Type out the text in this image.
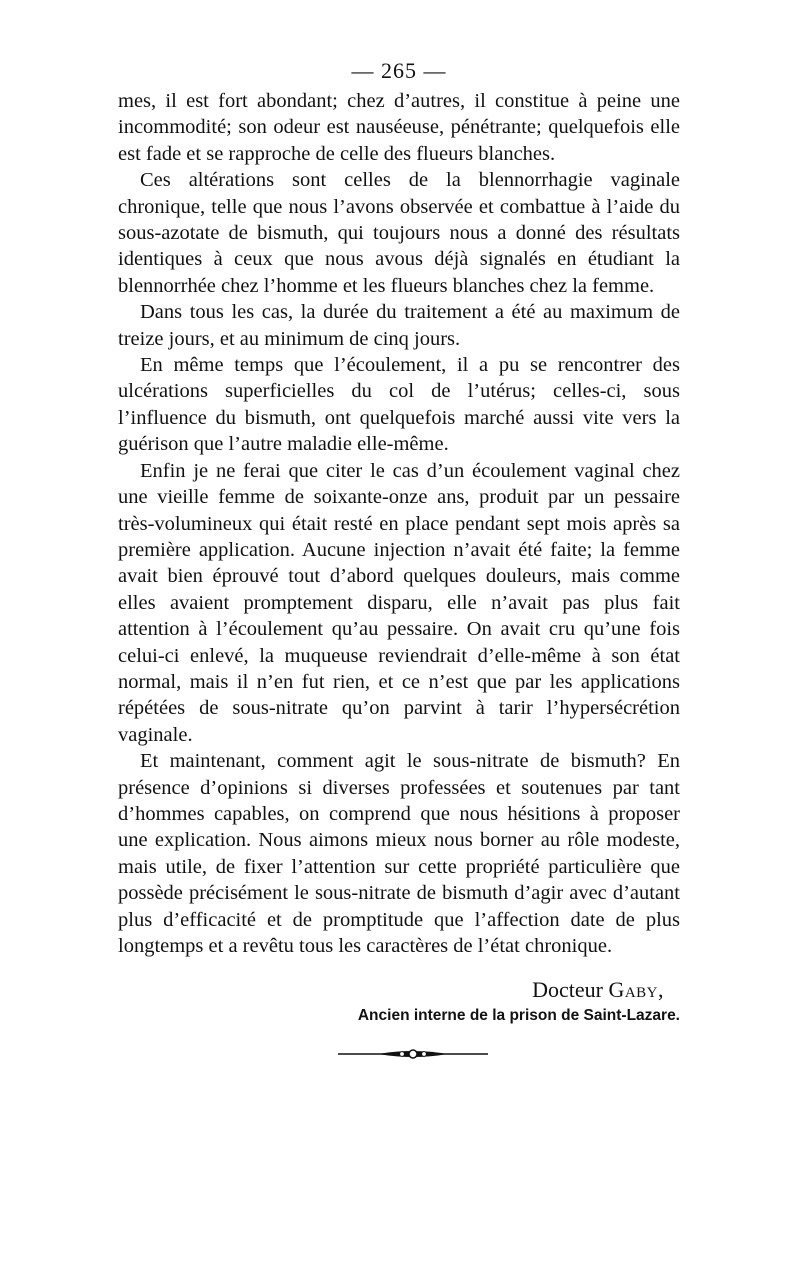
— 265 —

mes, il est fort abondant; chez d’autres, il constitue à peine une incommodité; son odeur est nauséeuse, pénétrante; quelquefois elle est fade et se rapproche de celle des flueurs blanches.

Ces altérations sont celles de la blennorrhagie vaginale chronique, telle que nous l’avons observée et combattue à l’aide du sous-azotate de bismuth, qui toujours nous a donné des résultats identiques à ceux que nous avous déjà signalés en étudiant la blennorrhée chez l’homme et les flueurs blanches chez la femme.

Dans tous les cas, la durée du traitement a été au maximum de treize jours, et au minimum de cinq jours.

En même temps que l’écoulement, il a pu se rencontrer des ulcérations superficielles du col de l’utérus; celles-ci, sous l’influence du bismuth, ont quelquefois marché aussi vite vers la guérison que l’autre maladie elle-même.

Enfin je ne ferai que citer le cas d’un écoulement vaginal chez une vieille femme de soixante-onze ans, produit par un pessaire très-volumineux qui était resté en place pendant sept mois après sa première application. Aucune injection n’avait été faite; la femme avait bien éprouvé tout d’abord quelques douleurs, mais comme elles avaient promptement disparu, elle n’avait pas plus fait attention à l’écoulement qu’au pessaire. On avait cru qu’une fois celui-ci enlevé, la muqueuse reviendrait d’elle-même à son état normal, mais il n’en fut rien, et ce n’est que par les applications répétées de sous-nitrate qu’on parvint à tarir l’hypersécrétion vaginale.

Et maintenant, comment agit le sous-nitrate de bismuth? En présence d’opinions si diverses professées et soutenues par tant d’hommes capables, on comprend que nous hésitions à proposer une explication. Nous aimons mieux nous borner au rôle modeste, mais utile, de fixer l’attention sur cette propriété particulière que possède précisément le sous-nitrate de bismuth d’agir avec d’autant plus d’efficacité et de promptitude que l’affection date de plus longtemps et a revêtu tous les caractères de l’état chronique.

Docteur Gaby,
Ancien interne de la prison de Saint-Lazare.
